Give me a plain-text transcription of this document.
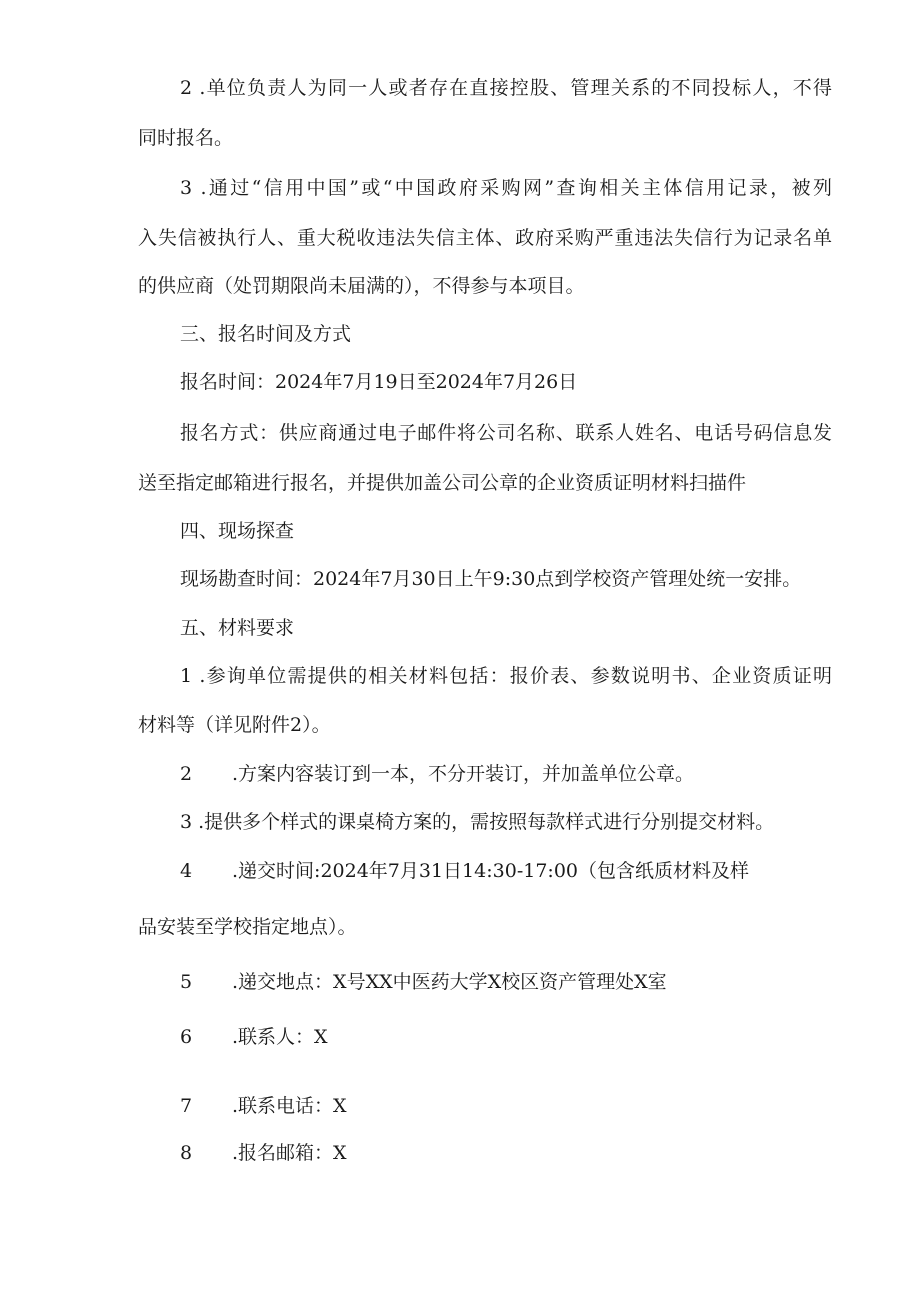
2 .单位负责人为同一人或者存在直接控股、管理关系的不同投标人，不得
同时报名。
3 .通过“信用中国”或“中国政府采购网”查询相关主体信用记录，被列
入失信被执行人、重大税收违法失信主体、政府采购严重违法失信行为记录名单
的供应商（处罚期限尚未届满的），不得参与本项目。
三、报名时间及方式
报名时间：2024年7月19日至2024年7月26日
报名方式：供应商通过电子邮件将公司名称、联系人姓名、电话号码信息发
送至指定邮箱进行报名，并提供加盖公司公章的企业资质证明材料扫描件
四、现场探查
现场勘查时间：2024年7月30日上午9:30点到学校资产管理处统一安排。
五、材料要求
1 .参询单位需提供的相关材料包括：报价表、参数说明书、企业资质证明
材料等（详见附件2）。
2 .方案内容装订到一本，不分开装订，并加盖单位公章。
3 .提供多个样式的课桌椅方案的，需按照每款样式进行分别提交材料。
4 .递交时间:2024年7月31日14:30-17:00（包含纸质材料及样
品安装至学校指定地点）。
5 .递交地点：X号XX中医药大学X校区资产管理处X室
6 .联系人：X
7 .联系电话：X
8 .报名邮箱：X
